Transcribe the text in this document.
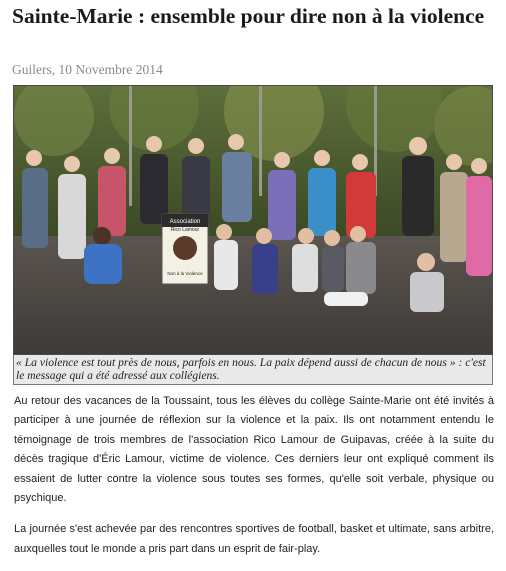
Sainte-Marie : ensemble pour dire non à la violence
Guilers, 10 Novembre 2014
Association
Rico Lamour
Non à la Violence
« La violence est tout près de nous, parfois en nous. La paix dépend aussi de chacun de nous » : c'est le message qui a été adressé aux collégiens.

Au retour des vacances de la Toussaint, tous les élèves du collège Sainte-Marie ont été invités à participer à une journée de réflexion sur la violence et la paix. Ils ont notamment entendu le témoignage de trois membres de l'association Rico Lamour de Guipavas, créée à la suite du décès tragique d'Éric Lamour, victime de violence. Ces derniers leur ont expliqué comment ils essaient de lutter contre la violence sous toutes ses formes, qu'elle soit verbale, physique ou psychique.

La journée s'est achevée par des rencontres sportives de football, basket et ultimate, sans arbitre, auxquelles tout le monde a pris part dans un esprit de fair-play.
